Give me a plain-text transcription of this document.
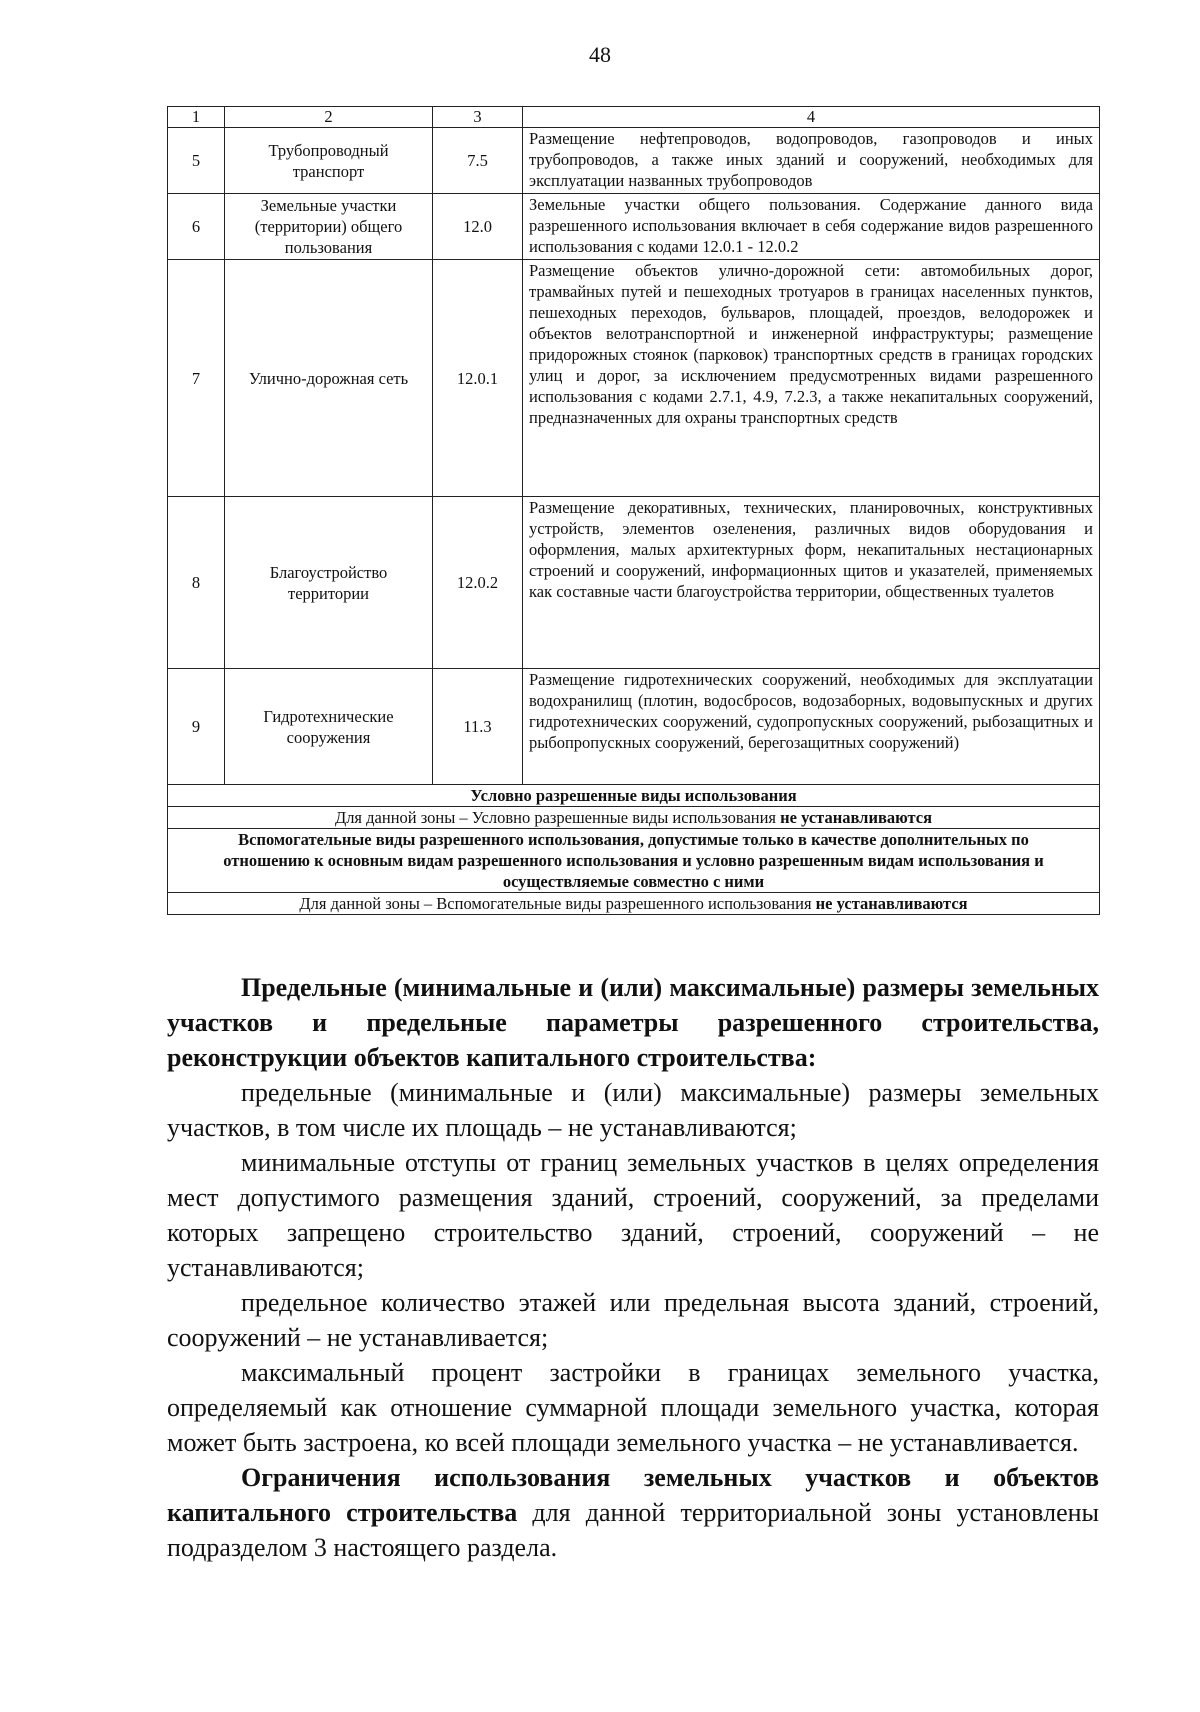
48
1	2	3	4
5	Трубопроводный транспорт	7.5	Размещение нефтепроводов, водопроводов, газопроводов и иных трубопроводов, а также иных зданий и сооружений, необходимых для эксплуатации названных трубопроводов
6	Земельные участки (территории) общего пользования	12.0	Земельные участки общего пользования. Содержание данного вида разрешенного использования включает в себя содержание видов разрешенного использования с кодами 12.0.1 - 12.0.2
7	Улично-дорожная сеть	12.0.1	Размещение объектов улично-дорожной сети: автомобильных дорог, трамвайных путей и пешеходных тротуаров в границах населенных пунктов, пешеходных переходов, бульваров, площадей, проездов, велодорожек и объектов велотранспортной и инженерной инфраструктуры; размещение придорожных стоянок (парковок) транспортных средств в границах городских улиц и дорог, за исключением предусмотренных видами разрешенного использования с кодами 2.7.1, 4.9, 7.2.3, а также некапитальных сооружений, предназначенных для охраны транспортных средств
8	Благоустройство территории	12.0.2	Размещение декоративных, технических, планировочных, конструктивных устройств, элементов озеленения, различных видов оборудования и оформления, малых архитектурных форм, некапитальных нестационарных строений и сооружений, информационных щитов и указателей, применяемых как составные части благоустройства территории, общественных туалетов
9	Гидротехнические сооружения	11.3	Размещение гидротехнических сооружений, необходимых для эксплуатации водохранилищ (плотин, водосбросов, водозаборных, водовыпускных и других гидротехнических сооружений, судопропускных сооружений, рыбозащитных и рыбопропускных сооружений, берегозащитных сооружений)
Условно разрешенные виды использования			
Для данной зоны – Условно разрешенные виды использования не устанавливаются			
Вспомогательные виды разрешенного использования, допустимые только в качестве дополнительных по отношению к основным видам разрешенного использования и условно разрешенным видам использования и осуществляемые совместно с ними			
Для данной зоны – Вспомогательные виды разрешенного использования не устанавливаются			

Предельные (минимальные и (или) максимальные) размеры земельных участков и предельные параметры разрешенного строительства, реконструкции объектов капитального строительства:

предельные (минимальные и (или) максимальные) размеры земельных участков, в том числе их площадь – не устанавливаются;

минимальные отступы от границ земельных участков в целях определения мест допустимого размещения зданий, строений, сооружений, за пределами которых запрещено строительство зданий, строений, сооружений – не устанавливаются;

предельное количество этажей или предельная высота зданий, строений, сооружений – не устанавливается;

максимальный процент застройки в границах земельного участка, определяемый как отношение суммарной площади земельного участка, которая может быть застроена, ко всей площади земельного участка – не устанавливается.

Ограничения использования земельных участков и объектов капитального строительства для данной территориальной зоны установлены подразделом 3 настоящего раздела.
